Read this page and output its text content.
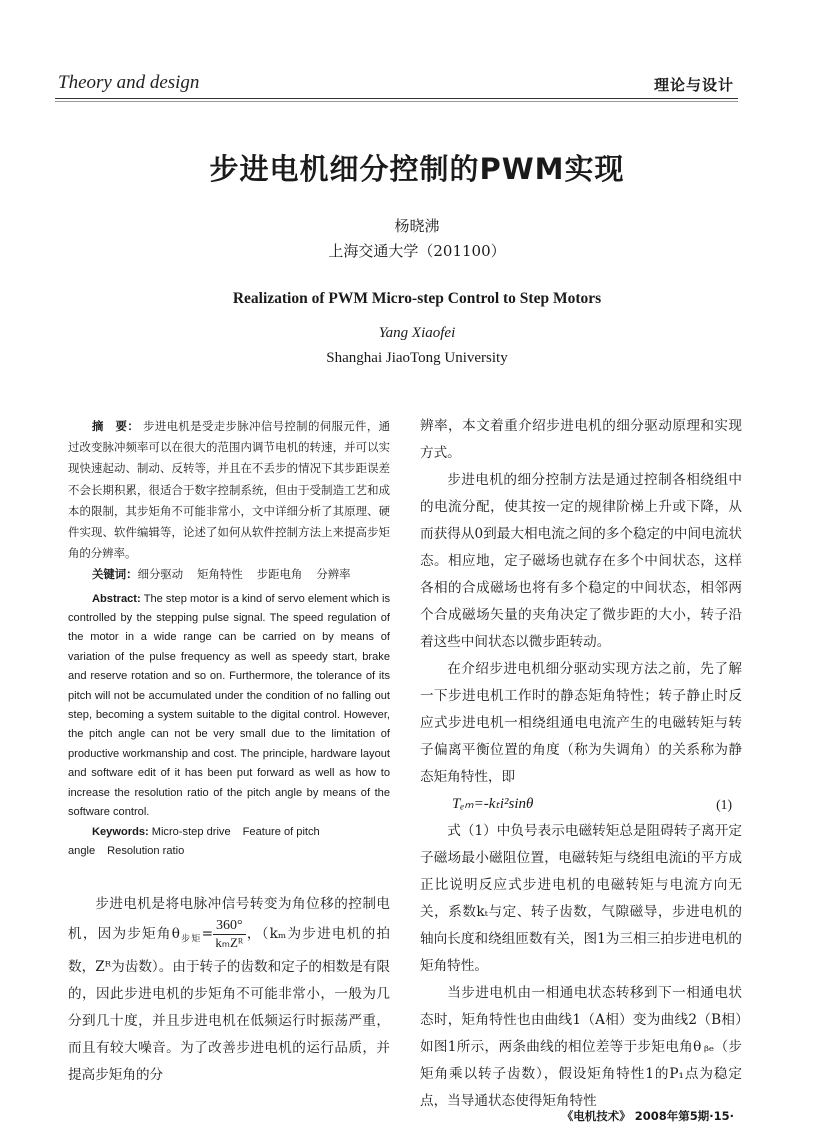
Theory and design	理论与设计
步进电机细分控制的PWM实现
杨晓沸
上海交通大学（201100）
Realization of PWM Micro-step Control to Step Motors
Yang Xiaofei
Shanghai JiaoTong University

摘　要： 步进电机是受走步脉冲信号控制的伺服元件，通过改变脉冲频率可以在很大的范围内调节电机的转速，并可以实现快速起动、制动、反转等，并且在不丢步的情况下其步距误差不会长期积累，很适合于数字控制系统，但由于受制造工艺和成本的限制，其步矩角不可能非常小，文中详细分析了其原理、硬件实现、软件编辑等，论述了如何从软件控制方法上来提高步矩角的分辨率。

关键词：细分驱动 矩角特性 步距电角 分辨率

Abstract: The step motor is a kind of servo element which is controlled by the stepping pulse signal. The speed regulation of the motor in a wide range can be carried on by means of variation of the pulse frequency as well as speedy start, brake and reserve rotation and so on. Furthermore, the tolerance of its pitch will not be accumulated under the condition of no falling out step, becoming a system suitable to the digital control. However, the pitch angle can not be very small due to the limitation of productive workmanship and cost. The principle, hardware layout and software edit of it has been put forward as well as how to increase the resolution ratio of the pitch angle by means of the software control.

Keywords: Micro-step drive Feature of pitch angle Resolution ratio

步进电机是将电脉冲信号转变为角位移的控制电机，因为步矩角$\theta_{步矩}= \frac{360^\circ}{\text{kₘZᴿ}}$ ，（kₘ为步进电机的拍数，Zᴿ为齿数）。由于转子的齿数和定子的相数是有限的，因此步进电机的步矩角不可能非常小，一般为几分到几十度，并且步进电机在低频运行时振荡严重，而且有较大噪音。为了改善步进电机的运行品质，并提高步矩角的分

辨率，本文着重介绍步进电机的细分驱动原理和实现方式。

步进电机的细分控制方法是通过控制各相绕组中的电流分配，使其按一定的规律阶梯上升或下降，从而获得从0到最大相电流之间的多个稳定的中间电流状态。相应地，定子磁场也就存在多个中间状态，这样各相的合成磁场也将有多个稳定的中间状态，相邻两个合成磁场矢量的夹角决定了微步距的大小，转子沿着这些中间状态以微步距转动。

在介绍步进电机细分驱动实现方法之前，先了解一下步进电机工作时的静态矩角特性；转子静止时反应式步进电机一相绕组通电电流产生的电磁转矩与转子偏离平衡位置的角度（称为失调角）的关系称为静态矩角特性，即

Tₑₘ=-kₜi²sinθ	(1)

式（1）中负号表示电磁转矩总是阻碍转子离开定子磁场最小磁阻位置，电磁转矩与绕组电流i的平方成正比说明反应式步进电机的电磁转矩与电流方向无关，系数kₜ与定、转子齿数，气隙磁导，步进电机的轴向长度和绕组匝数有关，图1为三相三拍步进电机的矩角特性。

当步进电机由一相通电状态转移到下一相通电状态时，矩角特性也由曲线1（A相）变为曲线2（B相）如图1所示，两条曲线的相位差等于步矩电角θ ᵦₑ（步矩角乘以转子齿数），假设矩角特性1的P₁点为稳定点，当导通状态使得矩角特性

《电机技术》 2008年第5期·15·
